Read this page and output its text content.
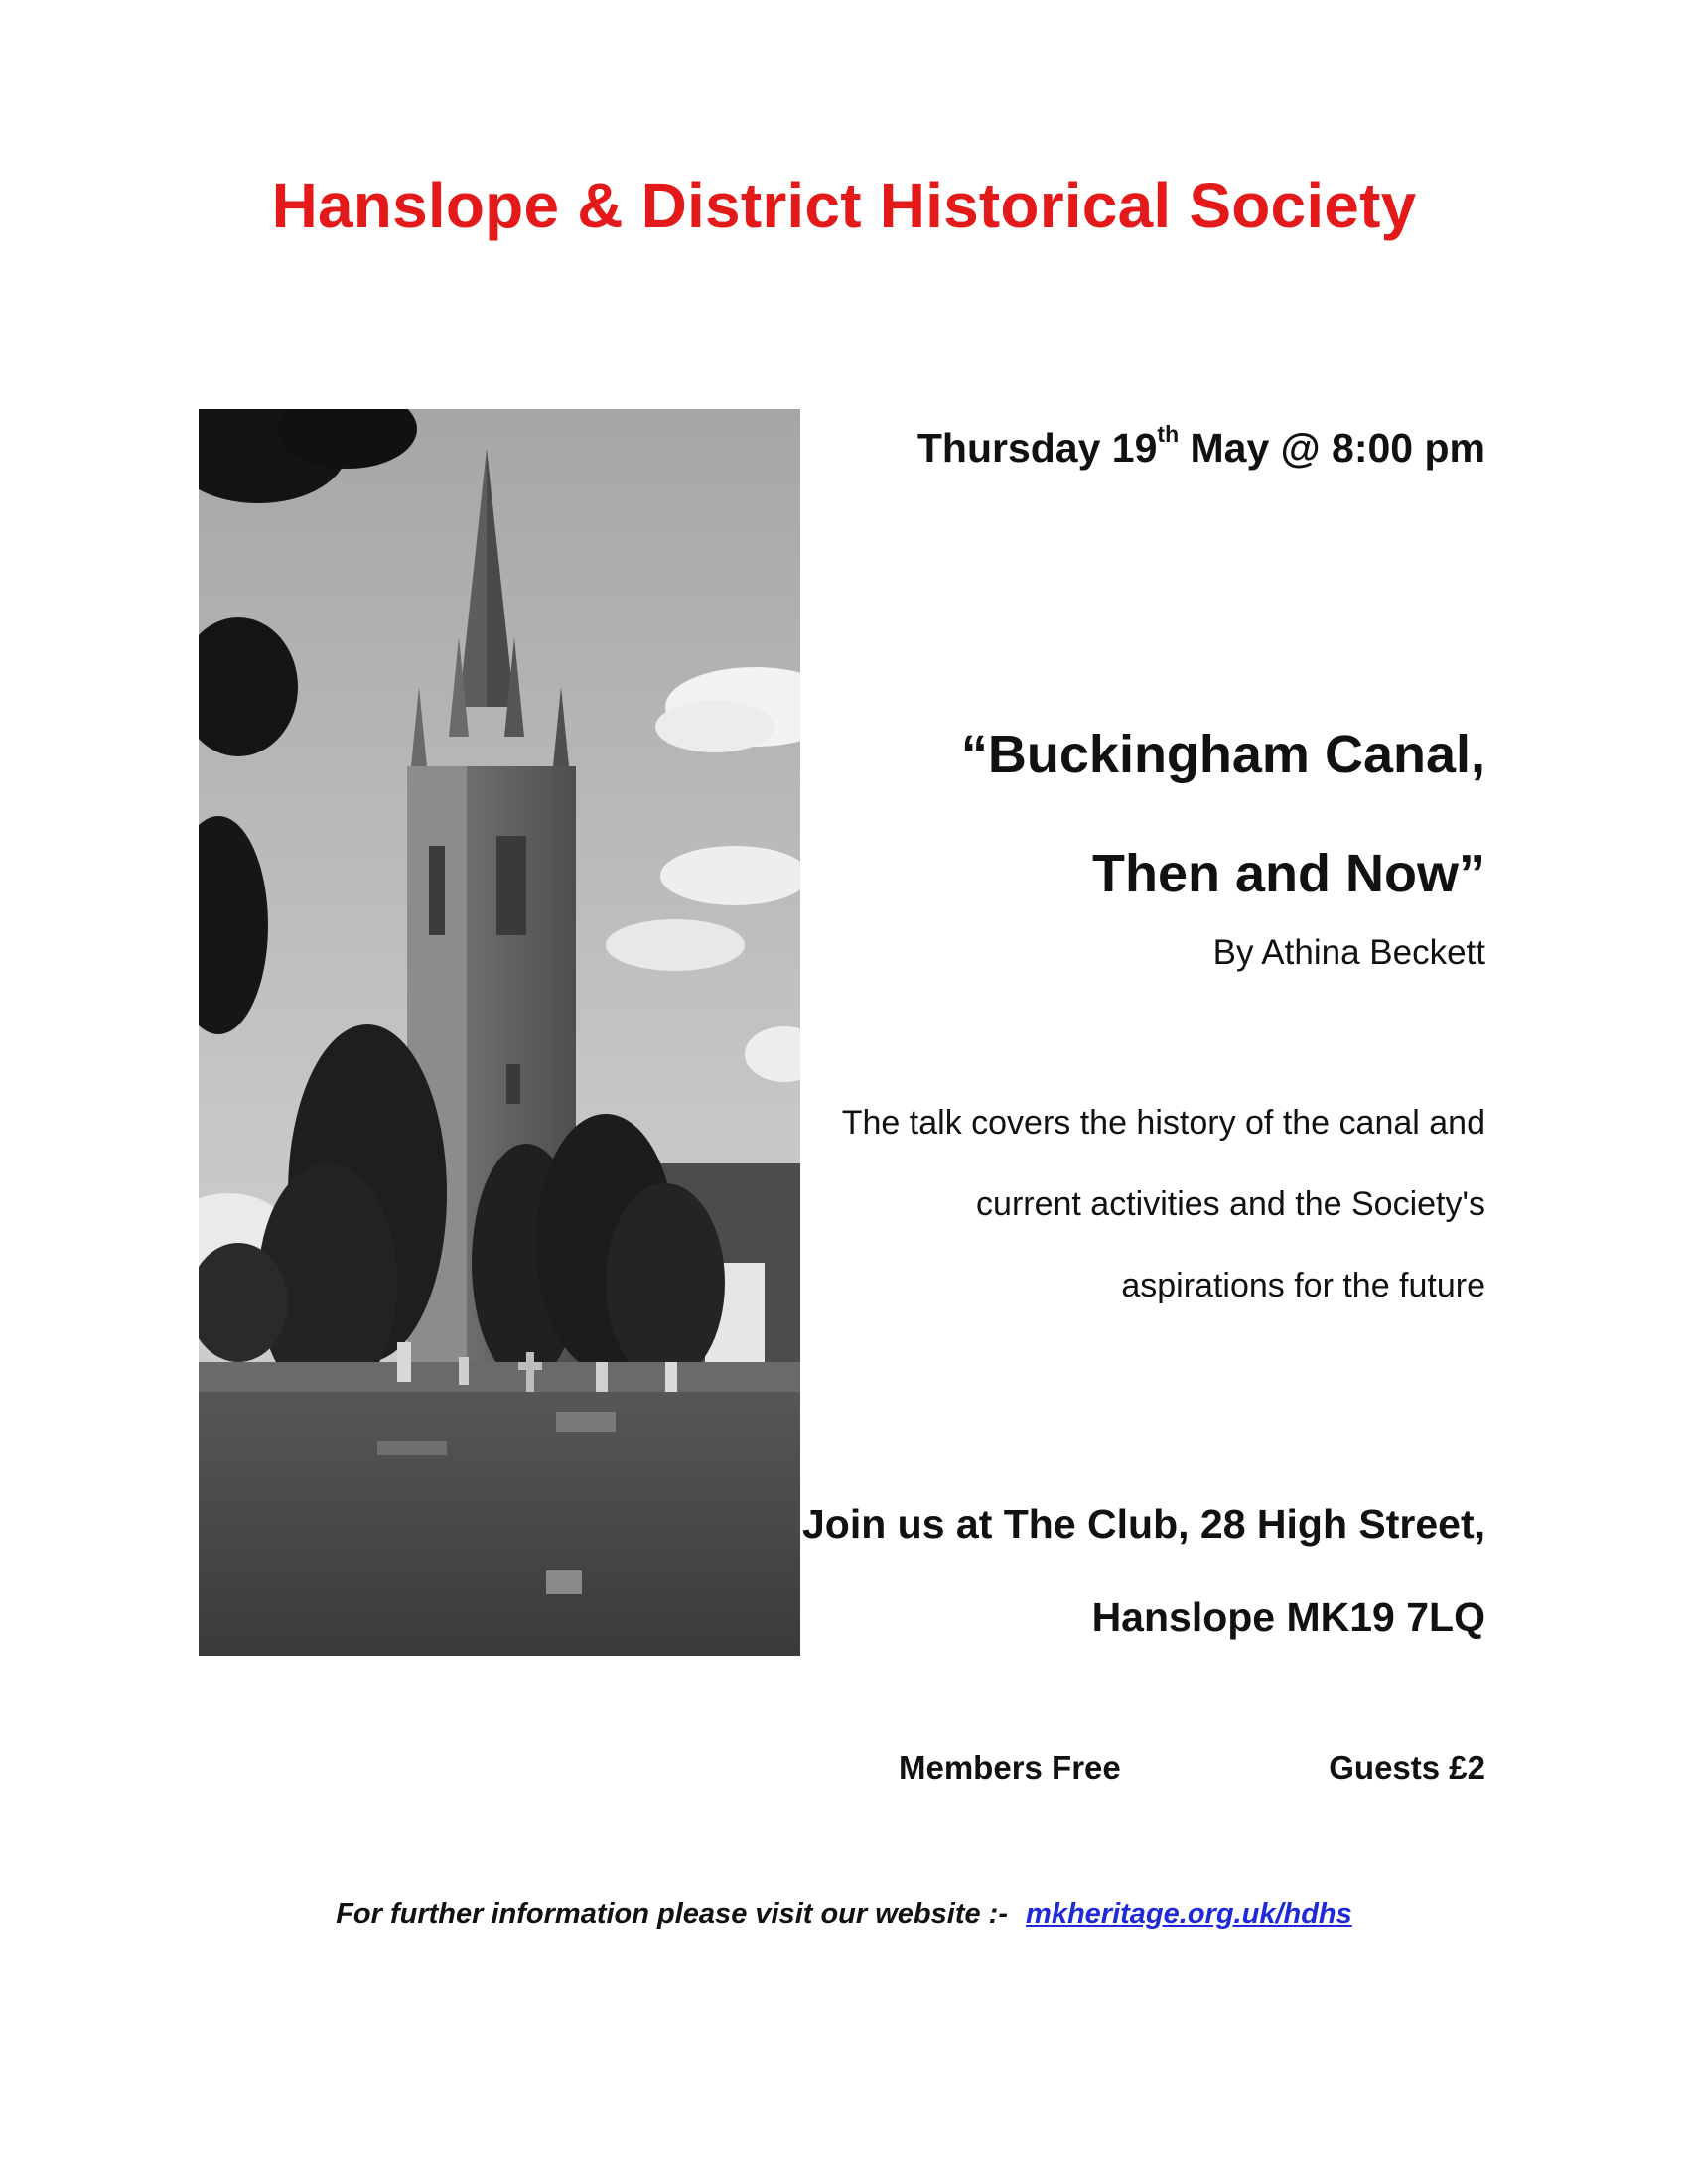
Hanslope & District Historical Society
Thursday 19th May @ 8:00 pm
“Buckingham Canal,
Then and Now”
By Athina Beckett
The talk covers the history of the canal and
current activities and the Society's
aspirations for the future
Join us at The Club, 28 High Street,
Hanslope MK19 7LQ
Members Free	Guests £2
For further information please visit our website :- mkheritage.org.uk/hdhs
